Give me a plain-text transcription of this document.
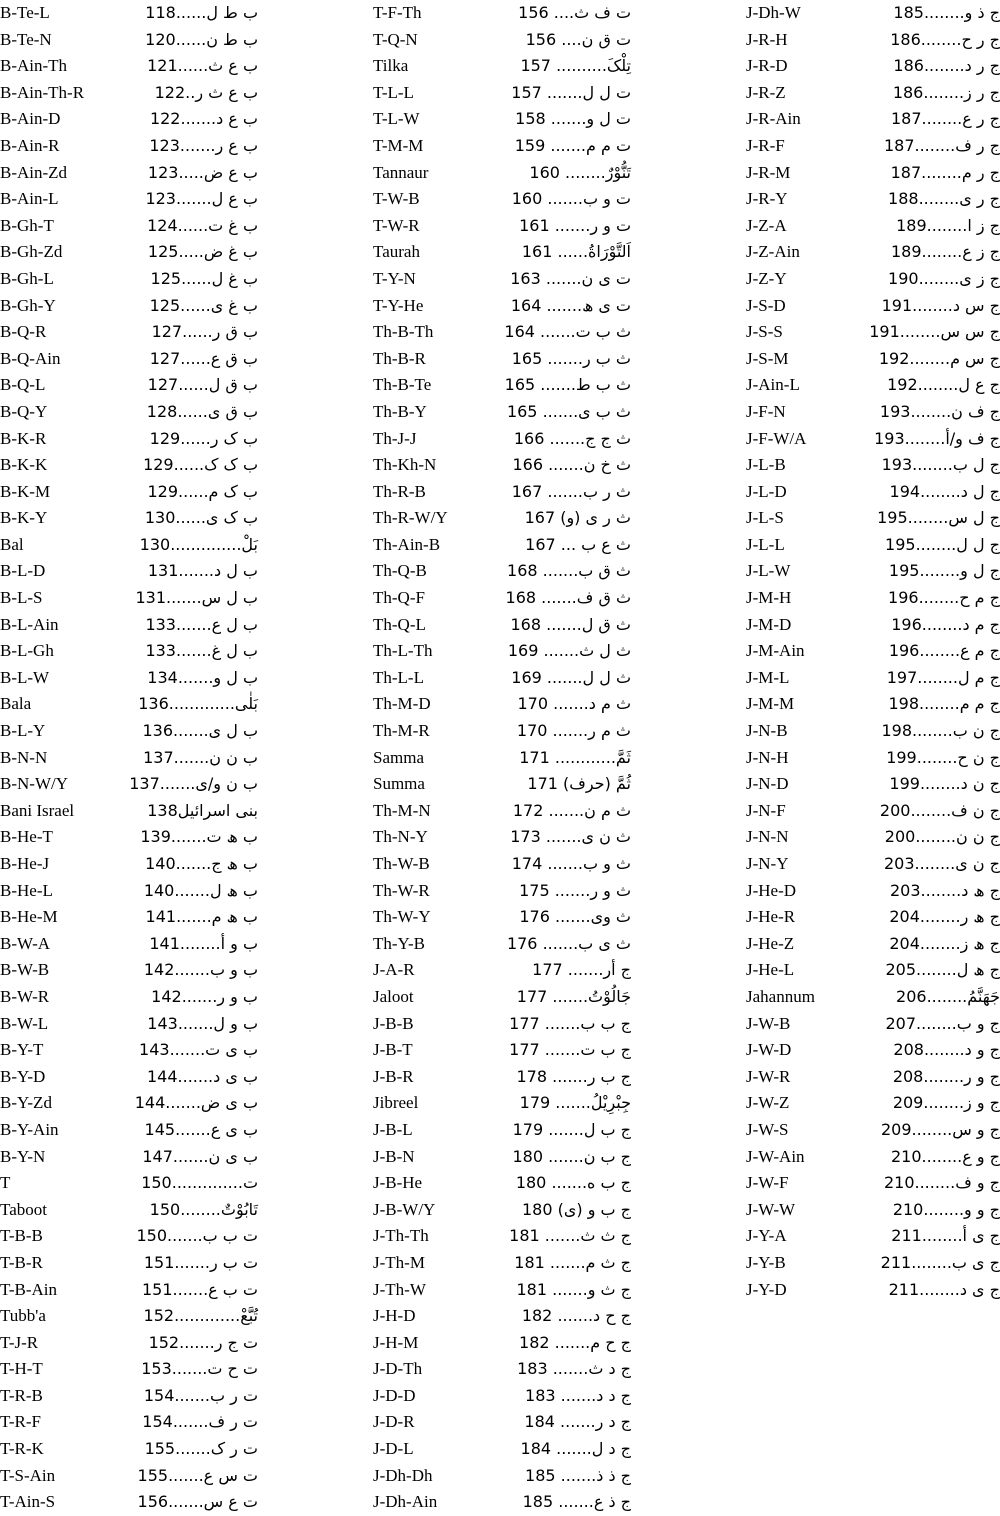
B-Te-L	ب ط ل......118
B-Te-N	ب ط ن......120
B-Ain-Th	ب ع ث......121
B-Ain-Th-R	ب ع ث ر..122
B-Ain-D	ب ع د.......122
B-Ain-R	ب ع ر.......123
B-Ain-Zd	ب ع ض.....123
B-Ain-L	ب ع ل.......123
B-Gh-T	ب غ ت......124
B-Gh-Zd	ب غ ض.....125
B-Gh-L	ب غ ل......125
B-Gh-Y	ب غ ی......125
B-Q-R	ب ق ر......127
B-Q-Ain	ب ق ع......127
B-Q-L	ب ق ل......127
B-Q-Y	ب ق ی......128
B-K-R	ب ک ر......129
B-K-K	ب ک ک......129
B-K-M	ب ک م......129
B-K-Y	ب ک ی......130
Bal	بَلْ..............130
B-L-D	ب ل د.......131
B-L-S	ب ل س.......131
B-L-Ain	ب ل ع.......133
B-L-Gh	ب ل غ.......133
B-L-W	ب ل و.......134
Bala	بَلٰی.............136
B-L-Y	ب ل ی.......136
B-N-N	ب ن ن.......137
B-N-W/Y	ب ن و/ی.......137
Bani Israel	بنی اسرائیل138
B-He-T	ب ھ ت.......139
B-He-J	ب ھ ج.......140
B-He-L	ب ھ ل.......140
B-He-M	ب ھ م.......141
B-W-A	ب و أ........141
B-W-B	ب و ب.......142
B-W-R	ب و ر.......142
B-W-L	ب و ل.......143
B-Y-T	ب ی ت.......143
B-Y-D	ب ی د.......144
B-Y-Zd	ب ی ض.......144
B-Y-Ain	ب ی ع.......145
B-Y-N	ب ی ن.......147
T	ت..............150
Taboot	تَابُوْتٌ........150
T-B-B	ت ب ب.......150
T-B-R	ت ب ر.......151
T-B-Ain	ت ب ع.......151
Tubb'a	تُبَّعْ.............152
T-J-R	ت ج ر.......152
T-H-T	ت ح ت.......153
T-R-B	ت ر ب.......154
T-R-F	ت ر ف.......154
T-R-K	ت ر ک.......155
T-S-Ain	ت س ع.......155
T-Ain-S	ت ع س.......156
T-F-Th	ت ف ث.... 156
T-Q-N	ت ق ن.... 156
Tilka	تِلْکَ.......... 157
T-L-L	ت ل ل....... 157
T-L-W	ت ل و....... 158
T-M-M	ت م م....... 159
Tannaur	تَنُّوْرٌ........ 160
T-W-B	ت و ب....... 160
T-W-R	ت و ر....... 161
Taurah	اَلتَّوْرَاةُ...... 161
T-Y-N	ت ی ن....... 163
T-Y-He	ت ی ھ....... 164
Th-B-Th	ث ب ت....... 164
Th-B-R	ث ب ر....... 165
Th-B-Te	ث ب ط....... 165
Th-B-Y	ث ب ی....... 165
Th-J-J	ث ج ج....... 166
Th-Kh-N	ث خ ن....... 166
Th-R-B	ث ر ب....... 167
Th-R-W/Y	ث ر ی (و) 167
Th-Ain-B	ث ع ب ... 167
Th-Q-B	ث ق ب....... 168
Th-Q-F	ث ق ف....... 168
Th-Q-L	ث ق ل....... 168
Th-L-Th	ث ل ث....... 169
Th-L-L	ث ل ل....... 169
Th-M-D	ث م د....... 170
Th-M-R	ث م ر....... 170
Samma	ثَمَّ............ 171
Summa	ثُمَّ (حرف) 171
Th-M-N	ث م ن....... 172
Th-N-Y	ث ن ی....... 173
Th-W-B	ث و ب....... 174
Th-W-R	ث و ر....... 175
Th-W-Y	ث وی....... 176
Th-Y-B	ث ی ب....... 176
J-A-R	ج أر....... 177
Jaloot	جَالُوْتُ....... 177
J-B-B	ج ب ب....... 177
J-B-T	ج ب ت....... 177
J-B-R	ج ب ر....... 178
Jibreel	جِبْرِیْلُ....... 179
J-B-L	ج ب ل....... 179
J-B-N	ج ب ن....... 180
J-B-He	ج ب ه....... 180
J-B-W/Y	ج ب و (ی) 180
J-Th-Th	ج ث ث....... 181
J-Th-M	ج ث م....... 181
J-Th-W	ج ث و....... 181
J-H-D	ج ح د....... 182
J-H-M	ج ح م....... 182
J-D-Th	ج د ث....... 183
J-D-D	ج د د....... 183
J-D-R	ج د ر....... 184
J-D-L	ج د ل....... 184
J-Dh-Dh	ج ذ ذ....... 185
J-Dh-Ain	ج ذ ع....... 185
J-Dh-W	ج ذ و........185
J-R-H	ج ر ح........186
J-R-D	ج ر د........186
J-R-Z	ج ر ز........186
J-R-Ain	ج ر ع........187
J-R-F	ج ر ف........187
J-R-M	ج ر م........187
J-R-Y	ج ر ی........188
J-Z-A	ج ز ا........189
J-Z-Ain	ج ز ع........189
J-Z-Y	ج ز ی........190
J-S-D	ج س د........191
J-S-S	ج س س........191
J-S-M	ج س م........192
J-Ain-L	ج ع ل........192
J-F-N	ج ف ن........193
J-F-W/A	ج ف و/أ........193
J-L-B	ج ل ب........193
J-L-D	ج ل د........194
J-L-S	ج ل س........195
J-L-L	ج ل ل........195
J-L-W	ج ل و........195
J-M-H	ج م ح........196
J-M-D	ج م د........196
J-M-Ain	ج م ع........196
J-M-L	ج م ل........197
J-M-M	ج م م........198
J-N-B	ج ن ب........198
J-N-H	ج ن ح........199
J-N-D	ج ن د........199
J-N-F	ج ن ف........200
J-N-N	ج ن ن........200
J-N-Y	ج ن ی........203
J-He-D	ج ھ د........203
J-He-R	ج ھ ر........204
J-He-Z	ج ھ ز........204
J-He-L	ج ھ ل........205
Jahannum	جَهَنَّمُ........206
J-W-B	ج و ب........207
J-W-D	ج و د........208
J-W-R	ج و ر........208
J-W-Z	ج و ز........209
J-W-S	ج و س........209
J-W-Ain	ج و ع........210
J-W-F	ج و ف........210
J-W-W	ج و و........210
J-Y-A	ج ی أ........211
J-Y-B	ج ی ب........211
J-Y-D	ج ی د........211
